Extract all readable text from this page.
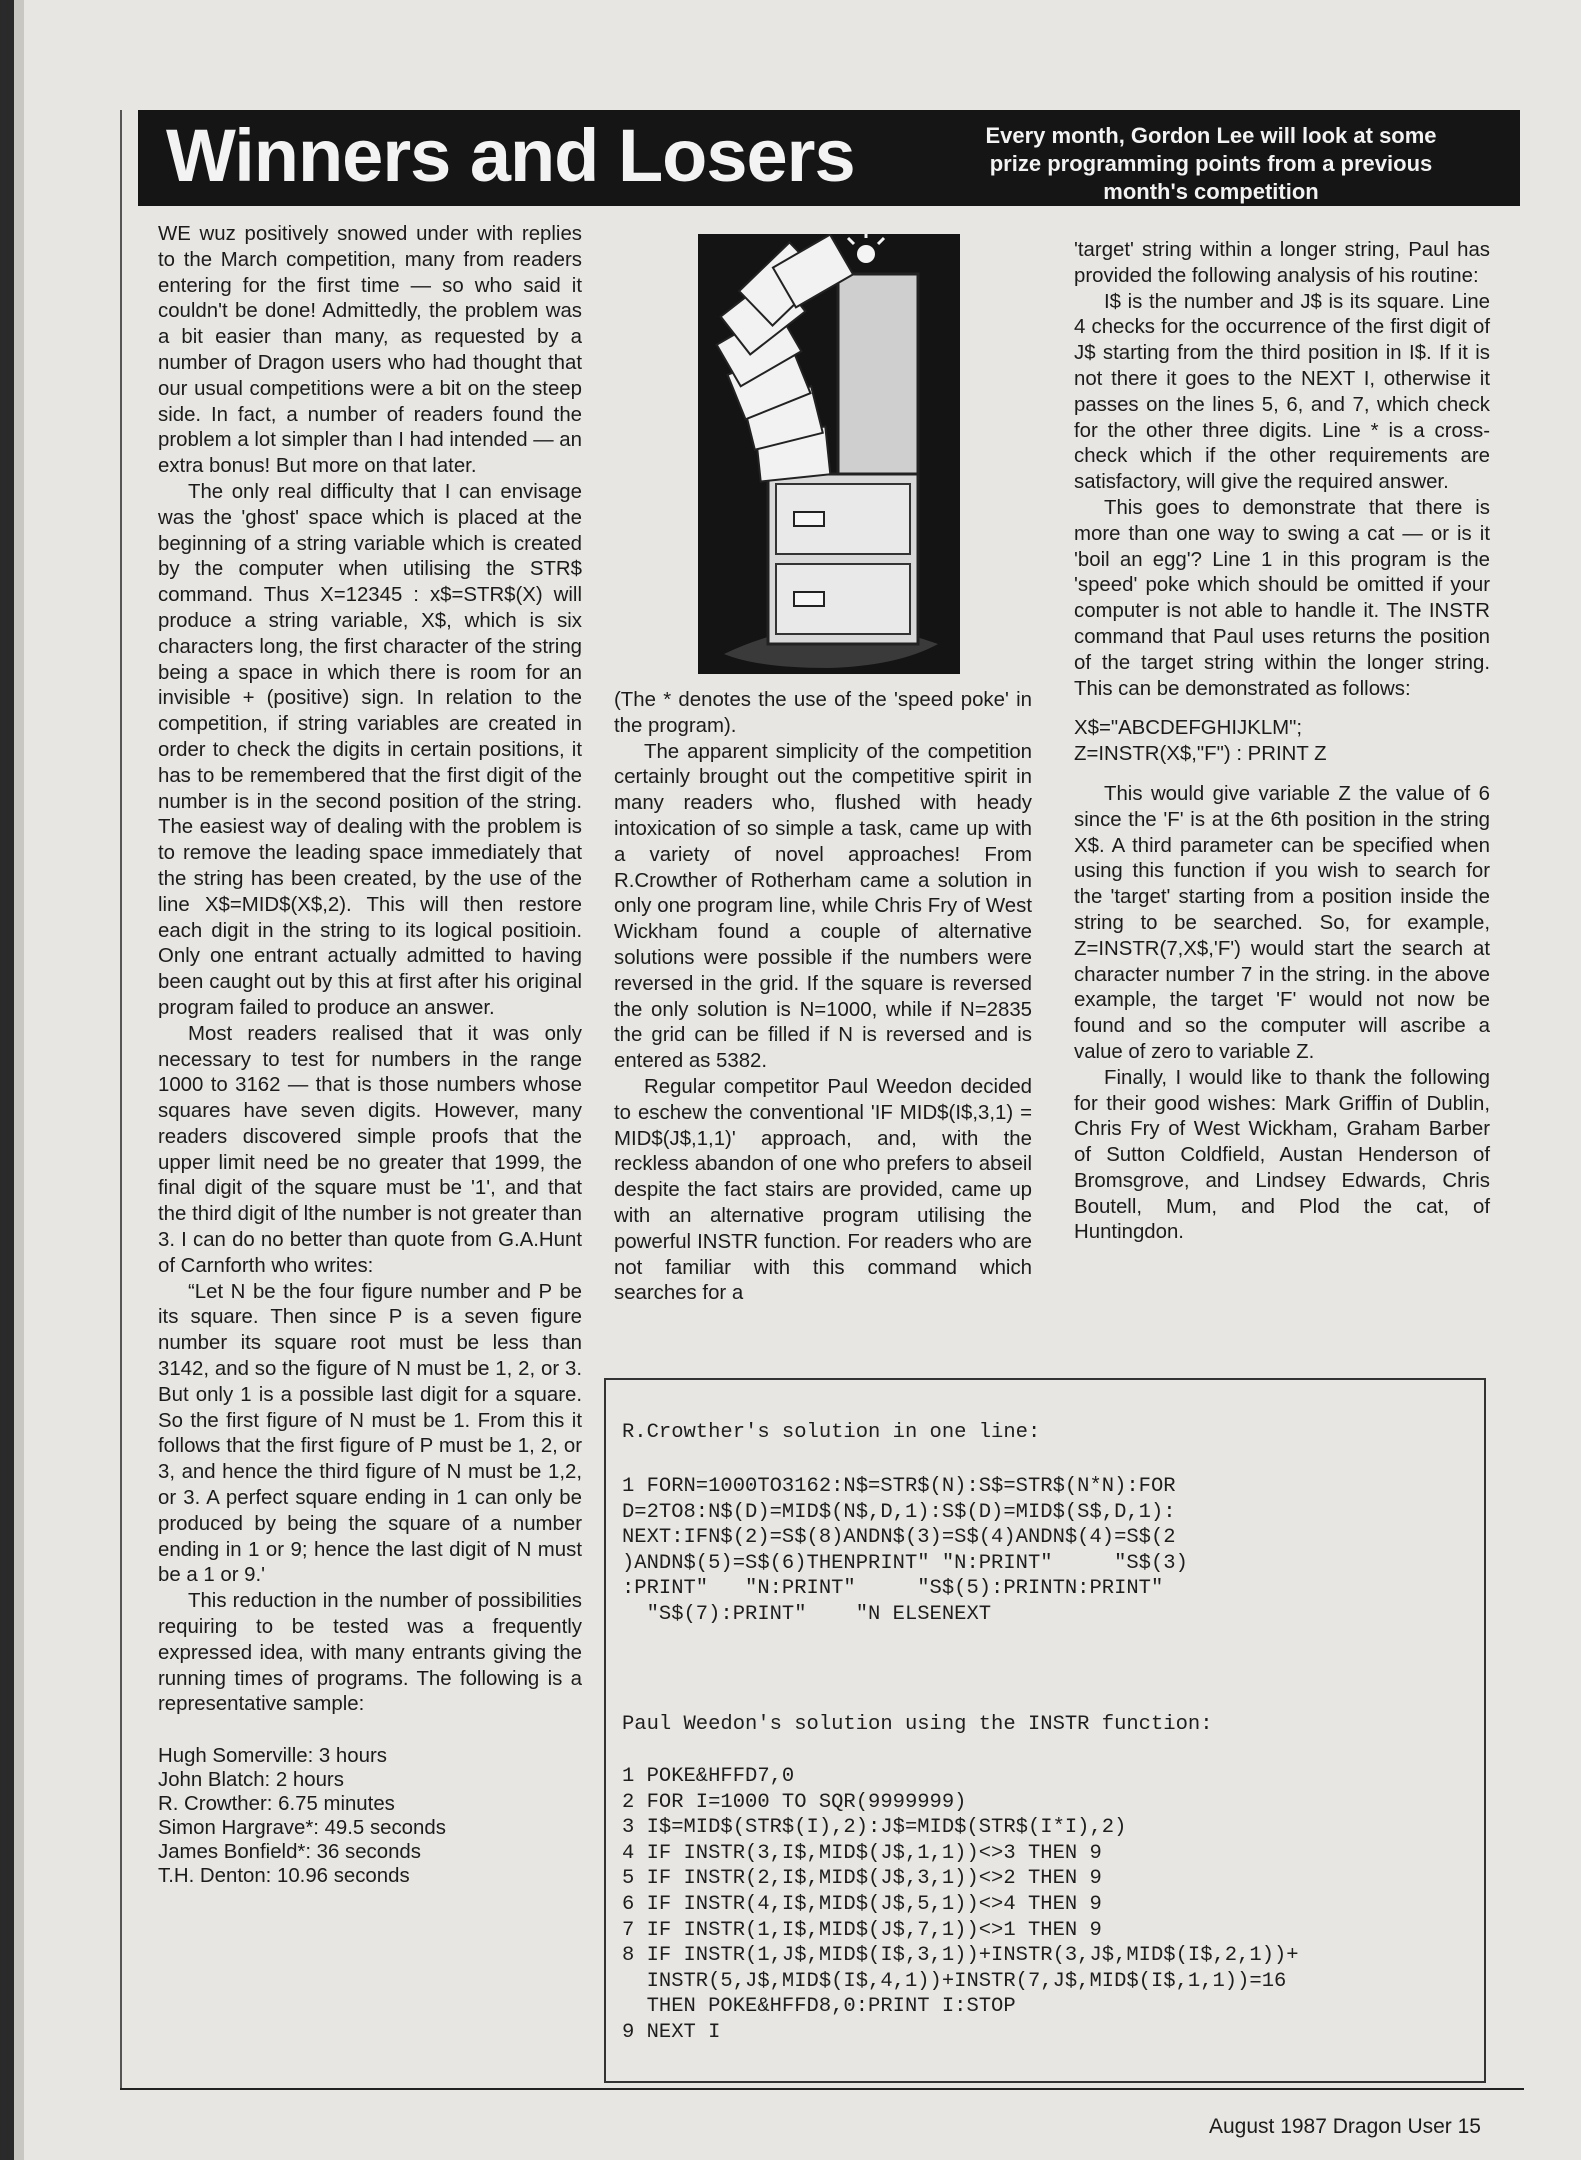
Winners and Losers	Every month, Gordon Lee will look at some prize programming points from a previous month's competition

WE wuz positively snowed under with replies to the March competition, many from readers entering for the first time — so who said it couldn't be done! Admittedly, the problem was a bit easier than many, as requested by a number of Dragon users who had thought that our usual competitions were a bit on the steep side. In fact, a number of readers found the problem a lot simpler than I had intended — an extra bonus! But more on that later.

The only real difficulty that I can envisage was the 'ghost' space which is placed at the beginning of a string variable which is created by the computer when utilising the STR$ command. Thus X=12345 : x$=STR$(X) will produce a string variable, X$, which is six characters long, the first character of the string being a space in which there is room for an invisible + (positive) sign. In relation to the competition, if string variables are created in order to check the digits in certain positions, it has to be remembered that the first digit of the number is in the second position of the string. The easiest way of dealing with the problem is to remove the leading space immediately that the string has been created, by the use of the line X$=MID$(X$,2). This will then restore each digit in the string to its logical positioin. Only one entrant actually admitted to having been caught out by this at first after his original program failed to produce an answer.

Most readers realised that it was only necessary to test for numbers in the range 1000 to 3162 — that is those numbers whose squares have seven digits. However, many readers discovered simple proofs that the upper limit need be no greater that 1999, the final digit of the square must be '1', and that the third digit of lthe number is not greater than 3. I can do no better than quote from G.A.Hunt of Carnforth who writes:

“Let N be the four figure number and P be its square. Then since P is a seven figure number its square root must be less than 3142, and so the figure of N must be 1, 2, or 3. But only 1 is a possible last digit for a square. So the first figure of N must be 1. From this it follows that the first figure of P must be 1, 2, or 3, and hence the third figure of N must be 1,2, or 3. A perfect square ending in 1 can only be produced by being the square of a number ending in 1 or 9; hence the last digit of N must be a 1 or 9.'

This reduction in the number of possibilities requiring to be tested was a frequently expressed idea, with many entrants giving the running times of programs. The following is a representative sample:

Hugh Somerville: 3 hours
John Blatch: 2 hours
R. Crowther: 6.75 minutes
Simon Hargrave*: 49.5 seconds
James Bonfield*: 36 seconds
T.H. Denton: 10.96 seconds

(The * denotes the use of the 'speed poke' in the program).

The apparent simplicity of the competition certainly brought out the competitive spirit in many readers who, flushed with heady intoxication of so simple a task, came up with a variety of novel approaches! From R.Crowther of Rotherham came a solution in only one program line, while Chris Fry of West Wickham found a couple of alternative solutions were possible if the numbers were reversed in the grid. If the square is reversed the only solution is N=1000, while if N=2835 the grid can be filled if N is reversed and is entered as 5382.

Regular competitor Paul Weedon decided to eschew the conventional 'IF MID$(I$,3,1) = MID$(J$,1,1)' approach, and, with the reckless abandon of one who prefers to abseil despite the fact stairs are provided, came up with an alternative program utilising the powerful INSTR function. For readers who are not familiar with this command which searches for a

'target' string within a longer string, Paul has provided the following analysis of his routine:

I$ is the number and J$ is its square. Line 4 checks for the occurrence of the first digit of J$ starting from the third position in I$. If it is not there it goes to the NEXT I, otherwise it passes on the lines 5, 6, and 7, which check for the other three digits. Line * is a cross-check which if the other requirements are satisfactory, will give the required answer.

This goes to demonstrate that there is more than one way to swing a cat — or is it 'boil an egg'? Line 1 in this program is the 'speed' poke which should be omitted if your computer is not able to handle it. The INSTR command that Paul uses returns the position of the target string within the longer string. This can be demonstrated as follows:

X$="ABCDEFGHIJKLM";
Z=INSTR(X$,"F") : PRINT Z

This would give variable Z the value of 6 since the 'F' is at the 6th position in the string X$. A third parameter can be specified when using this function if you wish to search for the 'target' starting from a position inside the string to be searched. So, for example, Z=INSTR(7,X$,'F') would start the search at character number 7 in the string. in the above example, the target 'F' would not now be found and so the computer will ascribe a value of zero to variable Z.

Finally, I would like to thank the following for their good wishes: Mark Griffin of Dublin, Chris Fry of West Wickham, Graham Barber of Sutton Coldfield, Austan Henderson of Bromsgrove, and Lindsey Edwards, Chris Boutell, Mum, and Plod the cat, of Huntingdon.

R.Crowther's solution in one line:
1 FORN=1000TO3162:N$=STR$(N):S$=STR$(N*N):FOR
D=2TO8:N$(D)=MID$(N$,D,1):S$(D)=MID$(S$,D,1):
NEXT:IFN$(2)=S$(8)ANDN$(3)=S$(4)ANDN$(4)=S$(2
)ANDN$(5)=S$(6)THENPRINT" "N:PRINT"     "S$(3)
:PRINT"   "N:PRINT"     "S$(5):PRINTN:PRINT"
"S$(7):PRINT"    "N ELSENEXT
Paul Weedon's solution using the INSTR function:
1 POKE&HFFD7,0
2 FOR I=1000 TO SQR(9999999)
3 I$=MID$(STR$(I),2):J$=MID$(STR$(I*I),2)
4 IF INSTR(3,I$,MID$(J$,1,1))<>3 THEN 9
5 IF INSTR(2,I$,MID$(J$,3,1))<>2 THEN 9
6 IF INSTR(4,I$,MID$(J$,5,1))<>4 THEN 9
7 IF INSTR(1,I$,MID$(J$,7,1))<>1 THEN 9
8 IF INSTR(1,J$,MID$(I$,3,1))+INSTR(3,J$,MID$(I$,2,1))+
INSTR(5,J$,MID$(I$,4,1))+INSTR(7,J$,MID$(I$,1,1))=16
THEN POKE&HFFD8,0:PRINT I:STOP
9 NEXT I
August 1987 Dragon User 15
